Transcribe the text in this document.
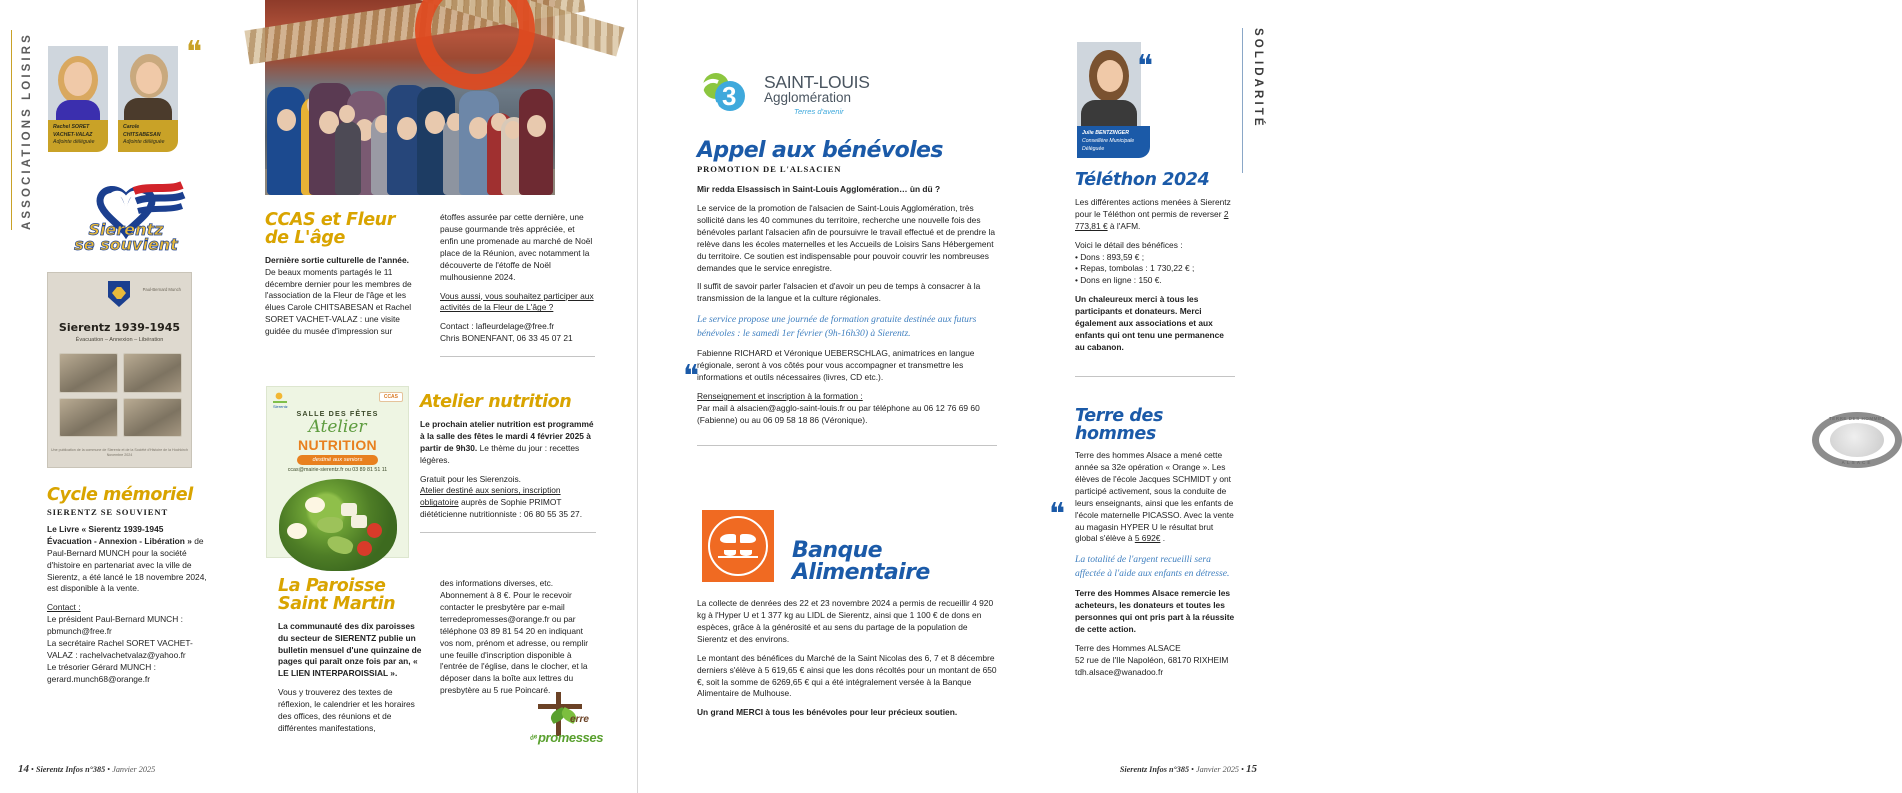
ASSOCIATIONS LOISIRS	Rachel SORET VACHET-VALAZ
Adjointe déléguée
Carole CHITSABESAN
Adjointe déléguée
❝
Sierentz
se souvient
Paul-Bernard Munch
Sierentz 1939-1945
Évacuation – Annexion – Libération
Une publication de la commune de Sierentz et de la Société d'Histoire de la Hochkirch Novembre 2024
Cycle mémoriel
SIERENTZ SE SOUVIENT

Le Livre « Sierentz 1939-1945 Évacuation - Annexion - Libération » de Paul-Bernard MUNCH pour la société d'histoire en partenariat avec la ville de Sierentz, a été lancé le 18 novembre 2024, est disponible à la vente.

Contact :
Le président Paul-Bernard MUNCH :
pbmunch@free.fr
La secrétaire Rachel SORET VACHET-
VALAZ : rachelvachetvalaz@yahoo.fr
Le trésorier Gérard MUNCH :
gerard.munch68@orange.fr

CCAS et Fleur
de L'âge

Dernière sortie culturelle de l'année. De beaux moments partagés le 11 décembre dernier pour les membres de l'association de la Fleur de l'âge et les élues Carole CHITSABESAN et Rachel SORET VACHET-VALAZ : une visite guidée du musée d'impression sur

étoffes assurée par cette dernière, une pause gourmande très appréciée, et enfin une promenade au marché de Noël place de la Réunion, avec notamment la découverte de l'étoffe de Noël mulhousienne 2024.

Vous aussi, vous souhaitez participer aux activités de la Fleur de L'âge ?

Contact : lafleurdelage@free.fr
Chris BONENFANT, 06 33 45 07 21

CCAS
Sierentz
SALLE DES FÊTES
Atelier
NUTRITION
destiné aux seniors
ccas@mairie-sierentz.fr ou 03 89 81 51 11
Atelier nutrition

Le prochain atelier nutrition est programmé à la salle des fêtes le mardi 4 février 2025 à partir de 9h30. Le thème du jour : recettes légères.

Gratuit pour les Sierenzois.
Atelier destiné aux seniors, inscription obligatoire auprès de Sophie PRIMOT diététicienne nutritionniste : 06 80 55 35 27.

La Paroisse
Saint Martin

La communauté des dix paroisses du secteur de SIERENTZ publie un bulletin mensuel d'une quinzaine de pages qui paraît onze fois par an, « LE LIEN INTERPAROISSIAL ».

Vous y trouverez des textes de réflexion, le calendrier et les horaires des offices, des réunions et de différentes manifestations,

des informations diverses, etc. Abonnement à 8 €. Pour le recevoir contacter le presbytère par e-mail terredepromesses@orange.fr ou par téléphone 03 89 81 54 20 en indiquant vos nom, prénom et adresse, ou remplir une feuille d'inscription disponible à l'entrée de l'église, dans le clocher, et la déposer dans la boîte aux lettres du presbytère au 5 rue Poincaré.

erre
promesses
de
14 • Sierentz Infos n°385 • Janvier 2025
SOLIDARITÉ
3 SAINT-LOUIS
Agglomération
Terres d'avenir
Appel aux bénévoles
PROMOTION DE L'ALSACIEN

Mìr redda Elsassisch ìn Saint-Louis Agglomération… ùn dü ?

Le service de la promotion de l'alsacien de Saint-Louis Agglomération, très sollicité dans les 40 communes du territoire, recherche une nouvelle fois des bénévoles parlant l'alsacien afin de poursuivre le travail effectué et de prendre la relève dans les écoles maternelles et les Accueils de Loisirs Sans Hébergement du territoire. Ce soutien est indispensable pour pouvoir couvrir les nombreuses demandes que le service enregistre.

Il suffit de savoir parler l'alsacien et d'avoir un peu de temps à consacrer à la transmission de la langue et la culture régionales.

Le service propose une journée de formation gratuite destinée aux futurs bénévoles : le samedi 1er février (9h-16h30) à Sierentz.

Fabienne RICHARD et Véronique UEBERSCHLAG, animatrices en langue régionale, seront à vos côtés pour vous accompagner et transmettre les informations et outils nécessaires (livres, CD etc.).

Renseignement et inscription à la formation :
Par mail à alsacien@agglo-saint-louis.fr ou par téléphone au 06 12 76 69 60 (Fabienne) ou au 06 09 58 18 86 (Véronique).

❝
Banque
Alimentaire

La collecte de denrées des 22 et 23 novembre 2024 a permis de recueillir 4 920 kg à l'Hyper U et 1 377 kg au LIDL de Sierentz, ainsi que 1 100 € de dons en espèces, grâce à la générosité et au sens du partage de la population de Sierentz et des environs.

Le montant des bénéfices du Marché de la Saint Nicolas des 6, 7 et 8 décembre derniers s'élève à 5 619,65 € ainsi que les dons récoltés pour un montant de 650 €, soit la somme de 6269,65 € qui a été intégralement versée à la Banque Alimentaire de Mulhouse.

Un grand MERCI à tous les bénévoles pour leur précieux soutien.

Julie BENTZINGER
Conseillère Municipale
Déléguée
❝
Téléthon 2024

Les différentes actions menées à Sierentz pour le Téléthon ont permis de reverser 2 773,81 € à l'AFM.

Voici le détail des bénéfices :
• Dons : 893,59 € ;
• Repas, tombolas : 1 730,22 € ;
• Dons en ligne : 150 €.

Un chaleureux merci à tous les participants et donateurs. Merci également aux associations et aux enfants qui ont tenu une permanence au cabanon.

TERRE DES HOMMES
ALSACE
Terre des
hommes

Terre des hommes Alsace a mené cette année sa 32e opération « Orange ». Les élèves de l'école Jacques SCHMIDT y ont participé activement, sous la conduite de leurs enseignants, ainsi que les enfants de l'école maternelle PICASSO. Avec la vente au magasin HYPER U le résultat brut global s'élève à 5 692€ .

La totalité de l'argent recueilli sera affectée à l'aide aux enfants en détresse.

Terre des Hommes Alsace remercie les acheteurs, les donateurs et toutes les personnes qui ont pris part à la réussite de cette action.

Terre des Hommes ALSACE
52 rue de l'Ile Napoléon, 68170 RIXHEIM
tdh.alsace@wanadoo.fr

❝
Sierentz Infos n°385 • Janvier 2025 • 15
